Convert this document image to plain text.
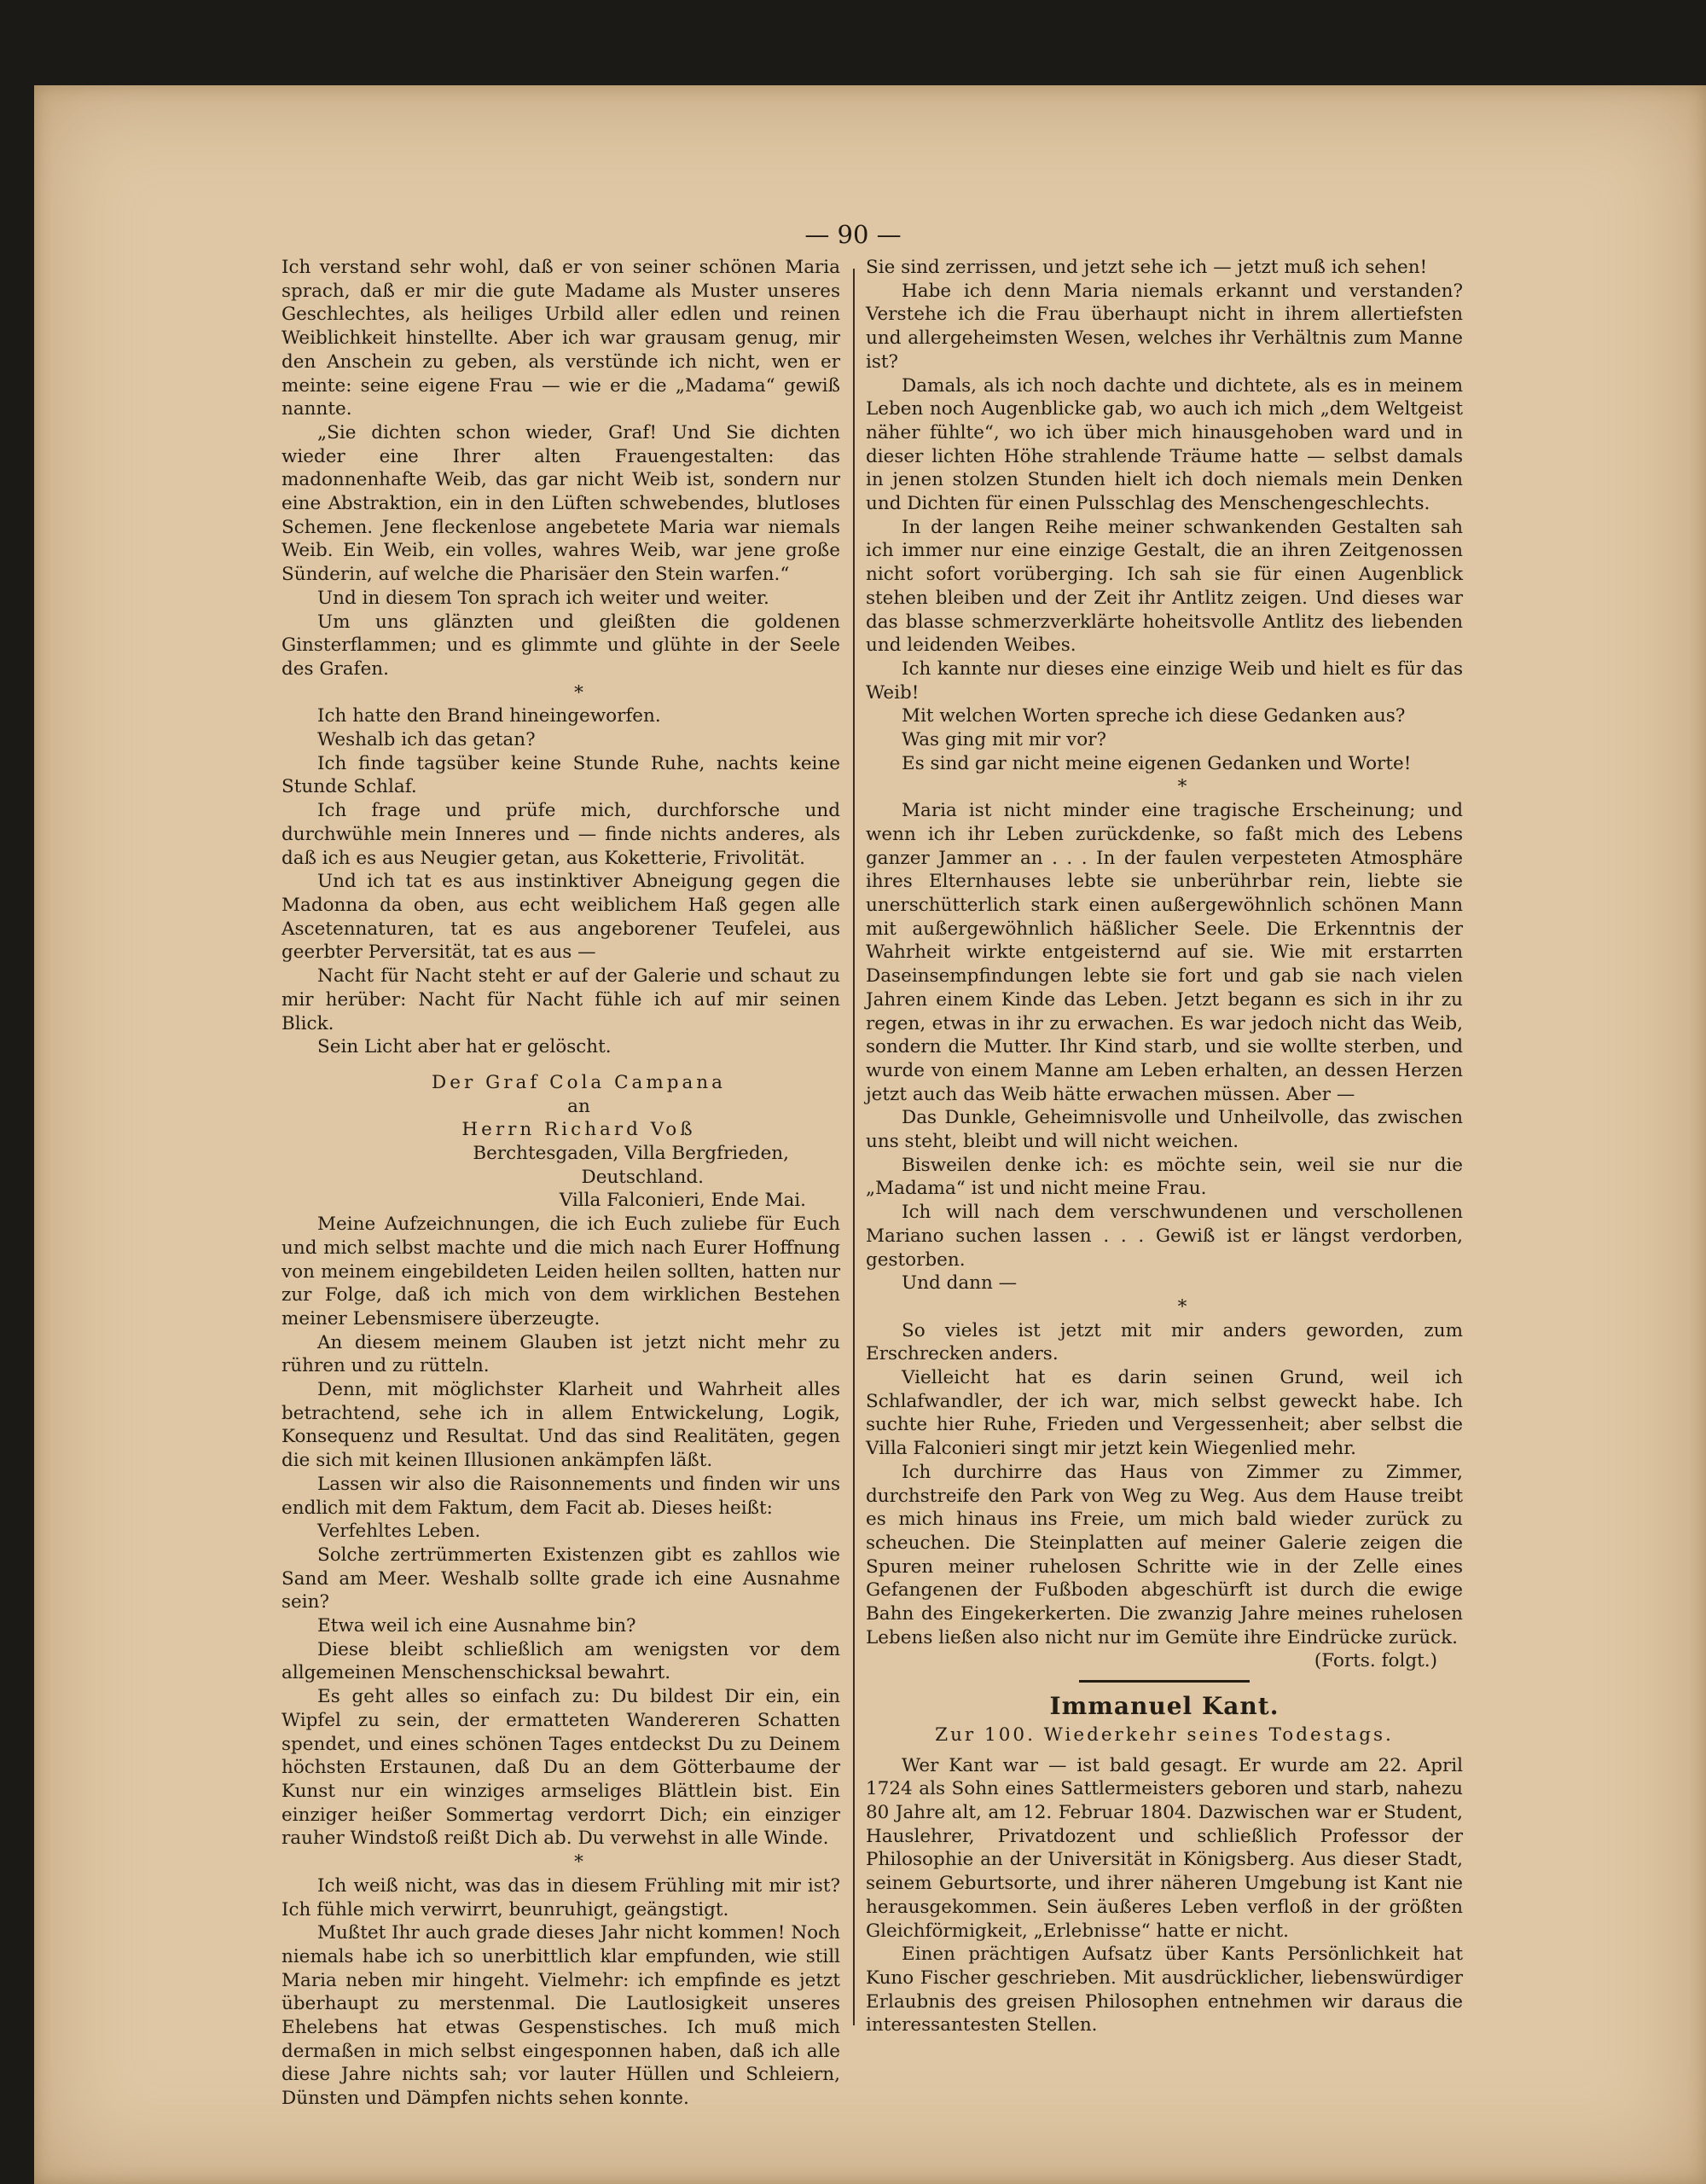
— 90 —

Ich verstand sehr wohl, daß er von seiner schönen Maria sprach, daß er mir die gute Madame als Muster unseres Geschlechtes, als heiliges Urbild aller edlen und reinen Weiblichkeit hinstellte. Aber ich war grausam genug, mir den Anschein zu geben, als verstünde ich nicht, wen er meinte: seine eigene Frau — wie er die „Madama“ gewiß nannte.

„Sie dichten schon wieder, Graf! Und Sie dichten wieder eine Ihrer alten Frauengestalten: das madonnenhafte Weib, das gar nicht Weib ist, sondern nur eine Abstraktion, ein in den Lüften schwebendes, blutloses Schemen. Jene fleckenlose angebetete Maria war niemals Weib. Ein Weib, ein volles, wahres Weib, war jene große Sünderin, auf welche die Pharisäer den Stein warfen.“

Und in diesem Ton sprach ich weiter und weiter.

Um uns glänzten und gleißten die goldenen Ginsterflammen; und es glimmte und glühte in der Seele des Grafen.

*

Ich hatte den Brand hineingeworfen.

Weshalb ich das getan?

Ich finde tagsüber keine Stunde Ruhe, nachts keine Stunde Schlaf.

Ich frage und prüfe mich, durchforsche und durchwühle mein Inneres und — finde nichts anderes, als daß ich es aus Neugier getan, aus Koketterie, Frivolität.

Und ich tat es aus instinktiver Abneigung gegen die Madonna da oben, aus echt weiblichem Haß gegen alle Ascetennaturen, tat es aus angeborener Teufelei, aus geerbter Perversität, tat es aus —

Nacht für Nacht steht er auf der Galerie und schaut zu mir herüber: Nacht für Nacht fühle ich auf mir seinen Blick.

Sein Licht aber hat er gelöscht.

Der Graf Cola Campana

an

Herrn Richard Voß

Berchtesgaden, Villa Bergfrieden,

Deutschland.

Villa Falconieri, Ende Mai.

Meine Aufzeichnungen, die ich Euch zuliebe für Euch und mich selbst machte und die mich nach Eurer Hoffnung von meinem eingebildeten Leiden heilen sollten, hatten nur zur Folge, daß ich mich von dem wirklichen Bestehen meiner Lebensmisere überzeugte.

An diesem meinem Glauben ist jetzt nicht mehr zu rühren und zu rütteln.

Denn, mit möglichster Klarheit und Wahrheit alles betrachtend, sehe ich in allem Entwickelung, Logik, Konsequenz und Resultat. Und das sind Realitäten, gegen die sich mit keinen Illusionen ankämpfen läßt.

Lassen wir also die Raisonnements und finden wir uns endlich mit dem Faktum, dem Facit ab. Dieses heißt:

Verfehltes Leben.

Solche zertrümmerten Existenzen gibt es zahllos wie Sand am Meer. Weshalb sollte grade ich eine Ausnahme sein?

Etwa weil ich eine Ausnahme bin?

Diese bleibt schließlich am wenigsten vor dem allgemeinen Menschenschicksal bewahrt.

Es geht alles so einfach zu: Du bildest Dir ein, ein Wipfel zu sein, der ermatteten Wandereren Schatten spendet, und eines schönen Tages entdeckst Du zu Deinem höchsten Erstaunen, daß Du an dem Götterbaume der Kunst nur ein winziges armseliges Blättlein bist. Ein einziger heißer Sommertag verdorrt Dich; ein einziger rauher Windstoß reißt Dich ab. Du verwehst in alle Winde.

*

Ich weiß nicht, was das in diesem Frühling mit mir ist? Ich fühle mich verwirrt, beunruhigt, geängstigt.

Mußtet Ihr auch grade dieses Jahr nicht kommen! Noch niemals habe ich so unerbittlich klar empfunden, wie still Maria neben mir hingeht. Vielmehr: ich empfinde es jetzt überhaupt zu merstenmal. Die Lautlosigkeit unseres Ehelebens hat etwas Gespenstisches. Ich muß mich dermaßen in mich selbst eingesponnen haben, daß ich alle diese Jahre nichts sah; vor lauter Hüllen und Schleiern, Dünsten und Dämpfen nichts sehen konnte.

Sie sind zerrissen, und jetzt sehe ich — jetzt muß ich sehen!

Habe ich denn Maria niemals erkannt und verstanden? Verstehe ich die Frau überhaupt nicht in ihrem allertiefsten und allergeheimsten Wesen, welches ihr Verhältnis zum Manne ist?

Damals, als ich noch dachte und dichtete, als es in meinem Leben noch Augenblicke gab, wo auch ich mich „dem Weltgeist näher fühlte“, wo ich über mich hinausgehoben ward und in dieser lichten Höhe strahlende Träume hatte — selbst damals in jenen stolzen Stunden hielt ich doch niemals mein Denken und Dichten für einen Pulsschlag des Menschengeschlechts.

In der langen Reihe meiner schwankenden Gestalten sah ich immer nur eine einzige Gestalt, die an ihren Zeitgenossen nicht sofort vorüberging. Ich sah sie für einen Augenblick stehen bleiben und der Zeit ihr Antlitz zeigen. Und dieses war das blasse schmerzverklärte hoheitsvolle Antlitz des liebenden und leidenden Weibes.

Ich kannte nur dieses eine einzige Weib und hielt es für das Weib!

Mit welchen Worten spreche ich diese Gedanken aus?

Was ging mit mir vor?

Es sind gar nicht meine eigenen Gedanken und Worte!

*

Maria ist nicht minder eine tragische Erscheinung; und wenn ich ihr Leben zurückdenke, so faßt mich des Lebens ganzer Jammer an . . . In der faulen verpesteten Atmosphäre ihres Elternhauses lebte sie unberührbar rein, liebte sie unerschütterlich stark einen außergewöhnlich schönen Mann mit außergewöhnlich häßlicher Seele. Die Erkenntnis der Wahrheit wirkte entgeisternd auf sie. Wie mit erstarrten Daseinsempfindungen lebte sie fort und gab sie nach vielen Jahren einem Kinde das Leben. Jetzt begann es sich in ihr zu regen, etwas in ihr zu erwachen. Es war jedoch nicht das Weib, sondern die Mutter. Ihr Kind starb, und sie wollte sterben, und wurde von einem Manne am Leben erhalten, an dessen Herzen jetzt auch das Weib hätte erwachen müssen. Aber —

Das Dunkle, Geheimnisvolle und Unheilvolle, das zwischen uns steht, bleibt und will nicht weichen.

Bisweilen denke ich: es möchte sein, weil sie nur die „Madama“ ist und nicht meine Frau.

Ich will nach dem verschwundenen und verschollenen Mariano suchen lassen . . . Gewiß ist er längst verdorben, gestorben.

Und dann —

*

So vieles ist jetzt mit mir anders geworden, zum Erschrecken anders.

Vielleicht hat es darin seinen Grund, weil ich Schlafwandler, der ich war, mich selbst geweckt habe. Ich suchte hier Ruhe, Frieden und Vergessenheit; aber selbst die Villa Falconieri singt mir jetzt kein Wiegenlied mehr.

Ich durchirre das Haus von Zimmer zu Zimmer, durchstreife den Park von Weg zu Weg. Aus dem Hause treibt es mich hinaus ins Freie, um mich bald wieder zurück zu scheuchen. Die Steinplatten auf meiner Galerie zeigen die Spuren meiner ruhelosen Schritte wie in der Zelle eines Gefangenen der Fußboden abgeschürft ist durch die ewige Bahn des Eingekerkerten. Die zwanzig Jahre meines ruhelosen Lebens ließen also nicht nur im Gemüte ihre Eindrücke zurück.

(Forts. folgt.)

Immanuel Kant.
Zur 100. Wiederkehr seines Todestags.

Wer Kant war — ist bald gesagt. Er wurde am 22. April 1724 als Sohn eines Sattlermeisters geboren und starb, nahezu 80 Jahre alt, am 12. Februar 1804. Dazwischen war er Student, Hauslehrer, Privatdozent und schließlich Professor der Philosophie an der Universität in Königsberg. Aus dieser Stadt, seinem Geburtsorte, und ihrer näheren Umgebung ist Kant nie herausgekommen. Sein äußeres Leben verfloß in der größten Gleichförmigkeit, „Erlebnisse“ hatte er nicht.

Einen prächtigen Aufsatz über Kants Persönlichkeit hat Kuno Fischer geschrieben. Mit ausdrücklicher, liebenswürdiger Erlaubnis des greisen Philosophen entnehmen wir daraus die interessantesten Stellen.
